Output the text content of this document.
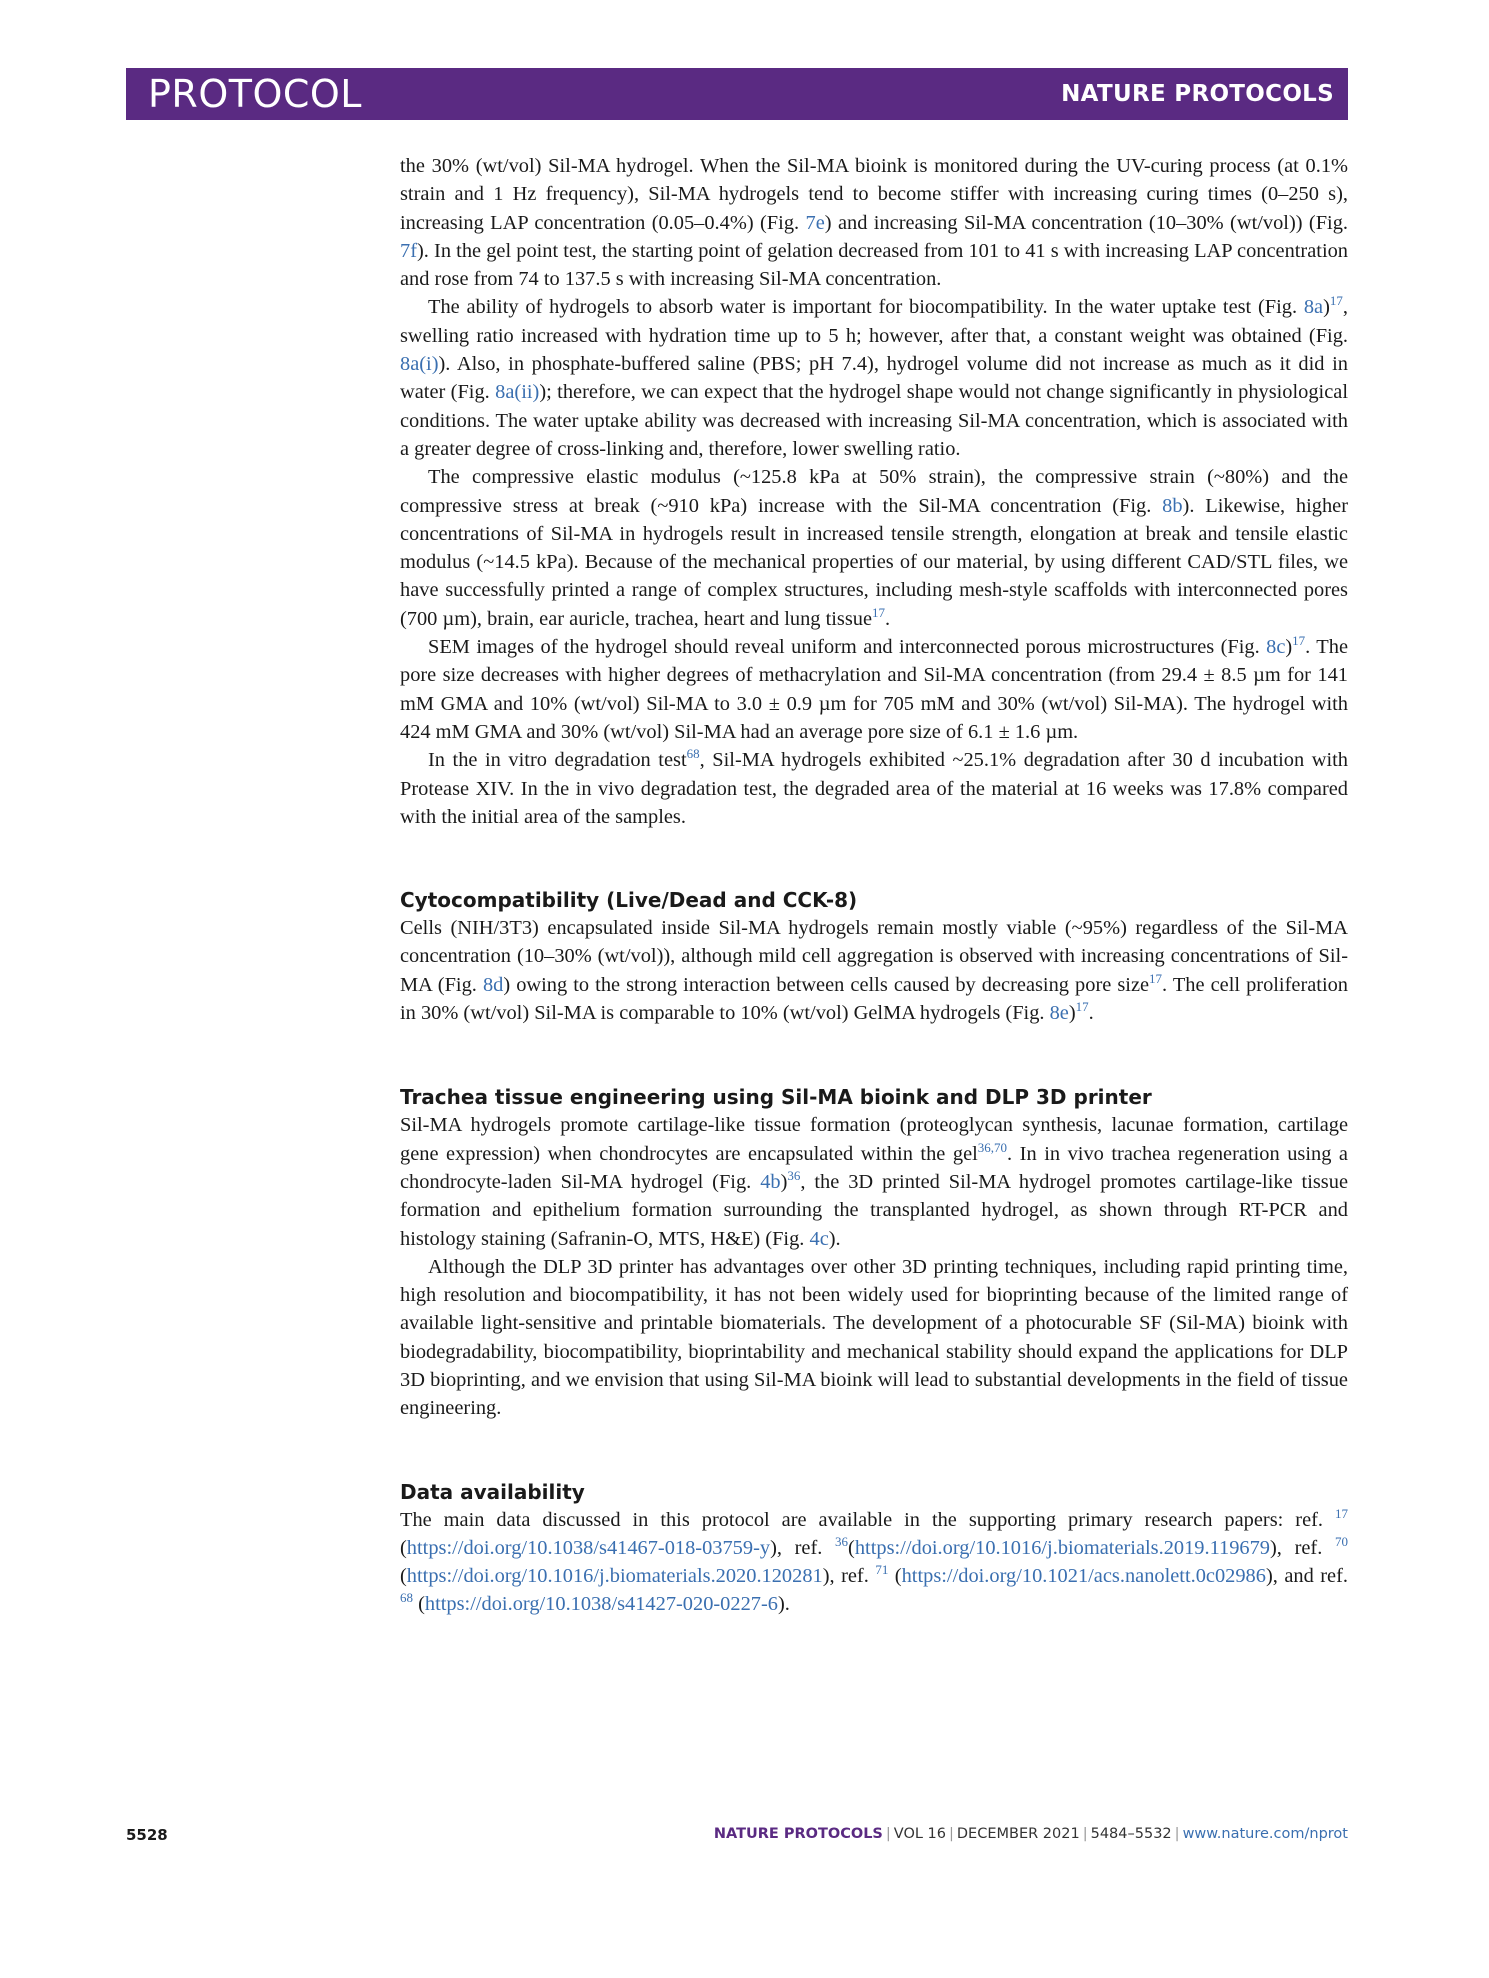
PROTOCOL	NATURE PROTOCOLS

the 30% (wt/vol) Sil-MA hydrogel. When the Sil-MA bioink is monitored during the UV-curing process (at 0.1% strain and 1 Hz frequency), Sil-MA hydrogels tend to become stiffer with increasing curing times (0–250 s), increasing LAP concentration (0.05–0.4%) (Fig. 7e) and increasing Sil-MA concentration (10–30% (wt/vol)) (Fig. 7f). In the gel point test, the starting point of gelation decreased from 101 to 41 s with increasing LAP concentration and rose from 74 to 137.5 s with increasing Sil-MA concentration.

The ability of hydrogels to absorb water is important for biocompatibility. In the water uptake test (Fig. 8a)$^{17}$, swelling ratio increased with hydration time up to 5 h; however, after that, a constant weight was obtained (Fig. 8a(i)). Also, in phosphate-buffered saline (PBS; pH 7.4), hydrogel volume did not increase as much as it did in water (Fig. 8a(ii)); therefore, we can expect that the hydrogel shape would not change significantly in physiological conditions. The water uptake ability was decreased with increasing Sil-MA concentration, which is associated with a greater degree of cross-linking and, therefore, lower swelling ratio.

The compressive elastic modulus (~125.8 kPa at 50% strain), the compressive strain (~80%) and the compressive stress at break (~910 kPa) increase with the Sil-MA concentration (Fig. 8b). Likewise, higher concentrations of Sil-MA in hydrogels result in increased tensile strength, elongation at break and tensile elastic modulus (~14.5 kPa). Because of the mechanical properties of our material, by using different CAD/STL files, we have successfully printed a range of complex structures, including mesh-style scaffolds with interconnected pores (700 µm), brain, ear auricle, trachea, heart and lung tissue$^{17}$.

SEM images of the hydrogel should reveal uniform and interconnected porous microstructures (Fig. 8c)$^{17}$. The pore size decreases with higher degrees of methacrylation and Sil-MA concentration (from 29.4 ± 8.5 µm for 141 mM GMA and 10% (wt/vol) Sil-MA to 3.0 ± 0.9 µm for 705 mM and 30% (wt/vol) Sil-MA). The hydrogel with 424 mM GMA and 30% (wt/vol) Sil-MA had an average pore size of 6.1 ± 1.6 µm.

In the in vitro degradation test$^{68}$, Sil-MA hydrogels exhibited ~25.1% degradation after 30 d incubation with Protease XIV. In the in vivo degradation test, the degraded area of the material at 16 weeks was 17.8% compared with the initial area of the samples.

Cytocompatibility (Live/Dead and CCK-8)

Cells (NIH/3T3) encapsulated inside Sil-MA hydrogels remain mostly viable (~95%) regardless of the Sil-MA concentration (10–30% (wt/vol)), although mild cell aggregation is observed with increasing concentrations of Sil-MA (Fig. 8d) owing to the strong interaction between cells caused by decreasing pore size$^{17}$. The cell proliferation in 30% (wt/vol) Sil-MA is comparable to 10% (wt/vol) GelMA hydrogels (Fig. 8e)$^{17}$.

Trachea tissue engineering using Sil-MA bioink and DLP 3D printer

Sil-MA hydrogels promote cartilage-like tissue formation (proteoglycan synthesis, lacunae formation, cartilage gene expression) when chondrocytes are encapsulated within the gel$^{36,70}$. In in vivo trachea regeneration using a chondrocyte-laden Sil-MA hydrogel (Fig. 4b)$^{36}$, the 3D printed Sil-MA hydrogel promotes cartilage-like tissue formation and epithelium formation surrounding the transplanted hydrogel, as shown through RT-PCR and histology staining (Safranin-O, MTS, H&E) (Fig. 4c).

Although the DLP 3D printer has advantages over other 3D printing techniques, including rapid printing time, high resolution and biocompatibility, it has not been widely used for bioprinting because of the limited range of available light-sensitive and printable biomaterials. The development of a photocurable SF (Sil-MA) bioink with biodegradability, biocompatibility, bioprintability and mechanical stability should expand the applications for DLP 3D bioprinting, and we envision that using Sil-MA bioink will lead to substantial developments in the field of tissue engineering.

Data availability

The main data discussed in this protocol are available in the supporting primary research papers: ref. $^{17}$ (https://doi.org/10.1038/s41467-018-03759-y), ref. $^{36}$(https://doi.org/10.1016/j.biomaterials.2019.119679), ref. $^{70}$ (https://doi.org/10.1016/j.biomaterials.2020.120281), ref. $^{71}$ (https://doi.org/10.1021/acs.nanolett.0c02986), and ref. $^{68}$ (https://doi.org/10.1038/s41427-020-0227-6).

5528	NATURE PROTOCOLS | VOL 16 | DECEMBER 2021 | 5484–5532 | www.nature.com/nprot
